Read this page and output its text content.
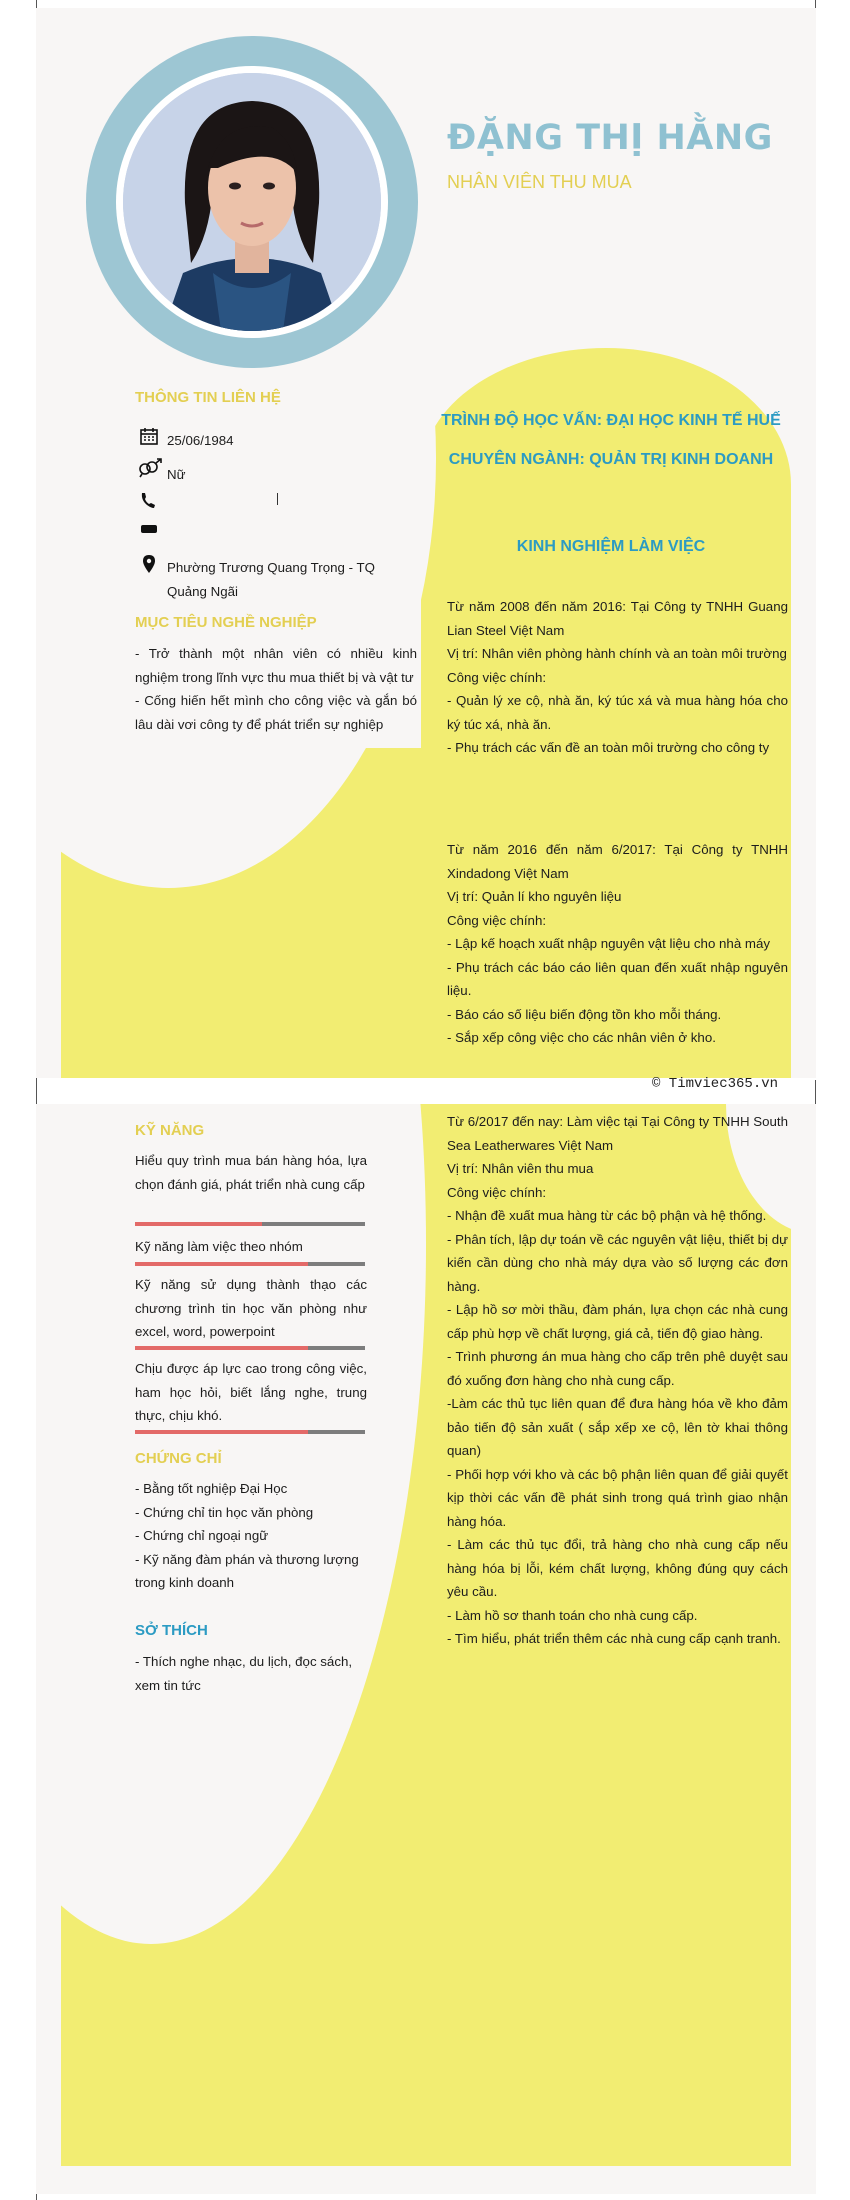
ĐẶNG THỊ HẰNG
NHÂN VIÊN THU MUA
THÔNG TIN LIÊN HỆ
25/06/1984
Nữ
Phường Trương Quang Trọng - TQ Quảng Ngãi
MỤC TIÊU NGHỀ NGHIỆP

- Trở thành một nhân viên có nhiều kinh nghiệm trong lĩnh vực thu mua thiết bị và vật tư

- Cống hiến hết mình cho công việc và gắn bó lâu dài vơi công ty để phát triển sự nghiệp

TRÌNH ĐỘ HỌC VẤN: ĐẠI HỌC KINH TẾ HUẾ
CHUYÊN NGÀNH: QUẢN TRỊ KINH DOANH
KINH NGHIỆM LÀM VIỆC

Từ năm 2008 đến năm 2016: Tại Công ty TNHH Guang Lian Steel Việt Nam

Vị trí: Nhân viên phòng hành chính và an toàn môi trường

Công việc chính:

- Quản lý xe cộ, nhà ăn, ký túc xá và mua hàng hóa cho ký túc xá, nhà ăn.

- Phụ trách các vấn đề an toàn môi trường cho công ty

Từ năm 2016 đến năm 6/2017: Tại Công ty TNHH Xindadong Việt Nam

Vị trí: Quản lí kho nguyên liệu

Công việc chính:

- Lập kế hoạch xuất nhập nguyên vật liệu cho nhà máy

- Phụ trách các báo cáo liên quan đến xuất nhập nguyên liệu.

- Báo cáo số liệu biến động tồn kho mỗi tháng.

- Sắp xếp công việc cho các nhân viên ở kho.

© Timviec365.vn
KỸ NĂNG
Hiểu quy trình mua bán hàng hóa, lựa chọn đánh giá, phát triển nhà cung cấp
Kỹ năng làm việc theo nhóm
Kỹ năng sử dụng thành thạo các chương trình tin học văn phòng như excel, word, powerpoint
Chịu được áp lực cao trong công việc, ham học hỏi, biết lắng nghe, trung thực, chịu khó.
CHỨNG CHỈ

- Bằng tốt nghiệp Đại Học

- Chứng chỉ tin học văn phòng

- Chứng chỉ ngoại ngữ

- Kỹ năng đàm phán và thương lượng trong kinh doanh

SỞ THÍCH
- Thích nghe nhạc, du lịch, đọc sách, xem tin tức

Từ 6/2017 đến nay: Làm việc tại Tại Công ty TNHH South Sea Leatherwares Việt Nam

Vị trí: Nhân viên thu mua

Công việc chính:

- Nhận đề xuất mua hàng từ các bộ phận và hệ thống.

- Phân tích, lập dự toán về các nguyên vật liệu, thiết bị dự kiến cần dùng cho nhà máy dựa vào số lượng các đơn hàng.

- Lập hồ sơ mời thầu, đàm phán, lựa chọn các nhà cung cấp phù hợp về chất lượng, giá cả, tiến độ giao hàng.

- Trình phương án mua hàng cho cấp trên phê duyệt sau đó xuống đơn hàng cho nhà cung cấp.

-Làm các thủ tục liên quan để đưa hàng hóa về kho đảm bảo tiến độ sản xuất ( sắp xếp xe cộ, lên tờ khai thông quan)

- Phối hợp với kho và các bộ phận liên quan để giải quyết kịp thời các vấn đề phát sinh trong quá trình giao nhận hàng hóa.

- Làm các thủ tục đổi, trả hàng cho nhà cung cấp nếu hàng hóa bị lỗi, kém chất lượng, không đúng quy cách yêu cầu.

- Làm hồ sơ thanh toán cho nhà cung cấp.

- Tìm hiểu, phát triển thêm các nhà cung cấp cạnh tranh.
